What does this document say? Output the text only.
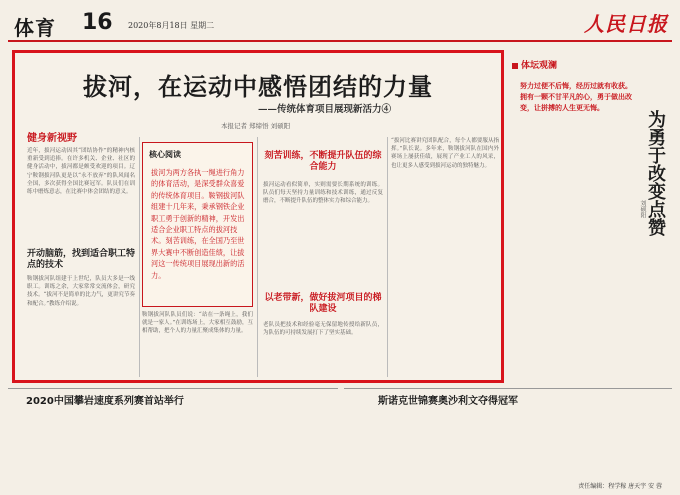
体育 16 2020年8月18日 星期二	人民日报
拔河，在运动中感悟团结的力量
——传统体育项目展现新活力④
本报记者 郑缔悟 刘硕阳
健身新视野
近年，拔河运动因其“团结协作”的精神内核重新受到追捧。在许多机关、企业、社区的健身活动中，拔河都是颇受欢迎的项目。辽宁鞍钢拔河队更是以“永不放弃”的队风闻名全国，多次获得全国比赛冠军。队员们在训练中磨炼意志，在比赛中体会团结的意义。
开动脑筋，找到适合职工特点的技术
鞍钢拔河队组建于上世纪，队员大多是一线职工。训练之余，大家常常交流体会，研究技术。“拔河不是简单的比力气，更讲究节奏和配合。”教练介绍说。
核心阅读
拔河为两方各执一绳进行角力的体育活动，是深受群众喜爱的传统体育项目。鞍钢拔河队组建十几年来，秉承钢铁企业职工勇于创新的精神，开发出适合企业职工特点的拔河技术。刻苦训练，在全国乃至世界大赛中不断创造佳绩，让拔河这一传统项目展现出新的活力。
鞍钢拔河队队员们说：“站在一条绳上，我们就是一家人。”在训练场上，大家相互鼓励，互相帮助，把个人的力量汇聚成集体的力量。
刻苦训练，不断提升队伍的综合能力
拔河运动看似简单，实则需要长期系统的训练。队员们每天坚持力量训练和技术训练，通过反复磨合，不断提升队伍的整体实力和综合能力。
以老带新，做好拔河项目的梯队建设
老队员把技术和经验毫无保留地传授给新队员，为队伍的可持续发展打下了坚实基础。
“拔河比赛讲究团队配合，每个人都要服从指挥。”队长说。多年来，鞍钢拔河队在国内外赛场上屡获佳绩，展现了产业工人的风采，也让更多人感受到拔河运动的独特魅力。
体坛观澜
努力过便不后悔，经历过就有收获。拥有一颗不甘平凡的心，勇于做出改变，让拼搏的人生更无悔。
为勇于改变点赞
刘硕阳
2020中国攀岩速度系列赛首站举行	斯诺克世锦赛奥沙利文夺得冠军
责任编辑：程学稼 唐天宇 安 蓉
